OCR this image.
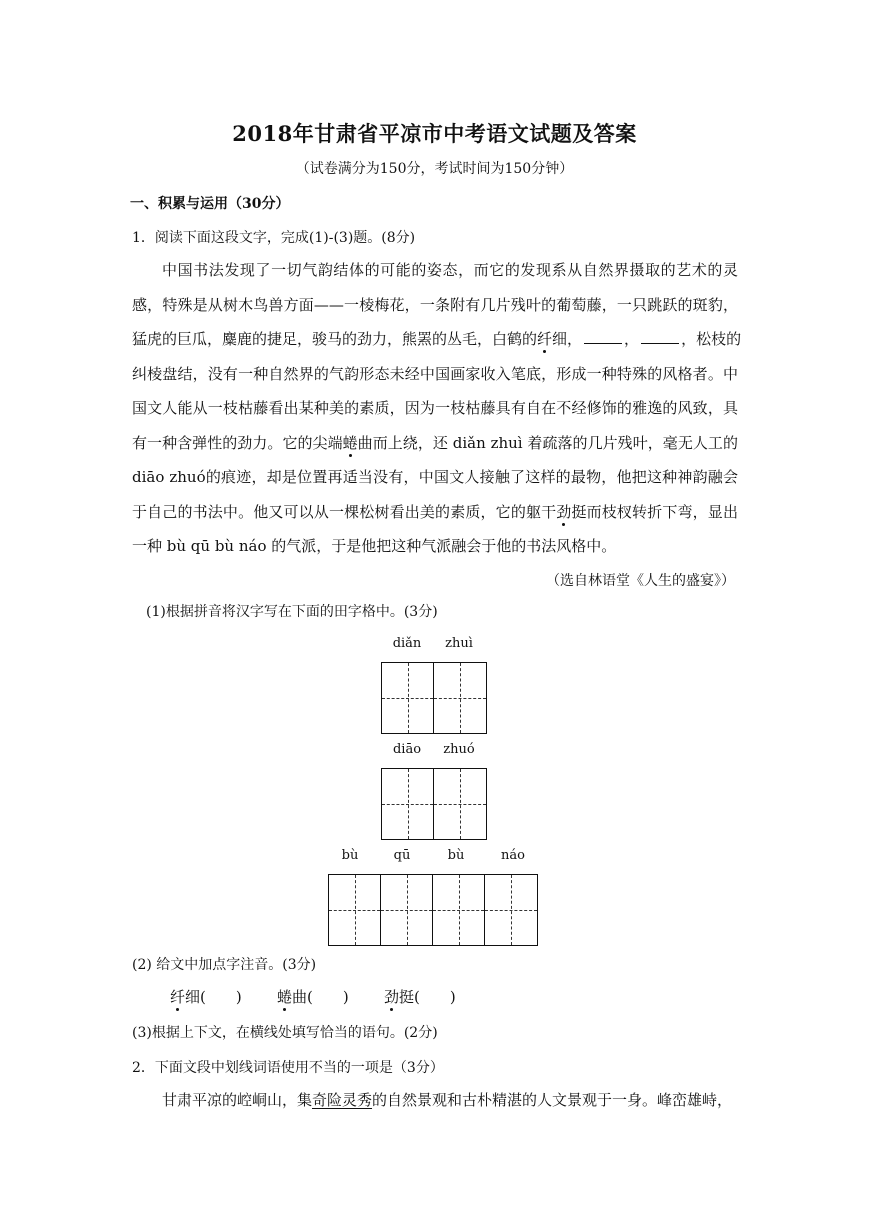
2018年甘肃省平凉市中考语文试题及答案
（试卷满分为150分，考试时间为150分钟）
一、积累与运用（30分）
1．阅读下面这段文字，完成(1)-(3)题。(8分)
中国书法发现了一切气韵结体的可能的姿态，而它的发现系从自然界摄取的艺术的灵
感，特殊是从树木鸟兽方面——一棱梅花，一条附有几片残叶的葡萄藤，一只跳跃的斑豹，
猛虎的巨瓜，麋鹿的捷足，骏马的劲力，熊罴的丛毛，白鹤的纤细，	，	，松枝的
纠棱盘结，没有一种自然界的气韵形态未经中国画家收入笔底，形成一种特殊的风格者。中
国文人能从一枝枯藤看出某种美的素质，因为一枝枯藤具有自在不经修饰的雅逸的风致，具
有一种含弹性的劲力。它的尖端蜷曲而上绕，还 diǎn zhuì 着疏落的几片残叶，毫无人工的
diāo zhuó的痕迹，却是位置再适当没有，中国文人接触了这样的最物，他把这种神韵融会
于自己的书法中。他又可以从一棵松树看出美的素质，它的躯干劲挺而枝杈转折下弯，显出
一种 bù qū bù náo 的气派，于是他把这种气派融会于他的书法风格中。
（选自林语堂《人生的盛宴》）
(1)根据拼音将汉字写在下面的田字格中。(3分)
diǎn	zhuì
diāo	zhuó
bù	qū	bù	náo
(2) 给文中加点字注音。(3分)
纤细(　　) 蜷曲(　　) 劲挺(　　)
(3)根据上下文，在横线处填写恰当的语句。(2分)
2．下面文段中划线词语使用不当的一项是（3分）
甘肃平凉的崆峒山，集奇险灵秀的自然景观和古朴精湛的人文景观于一身。峰峦雄峙，
